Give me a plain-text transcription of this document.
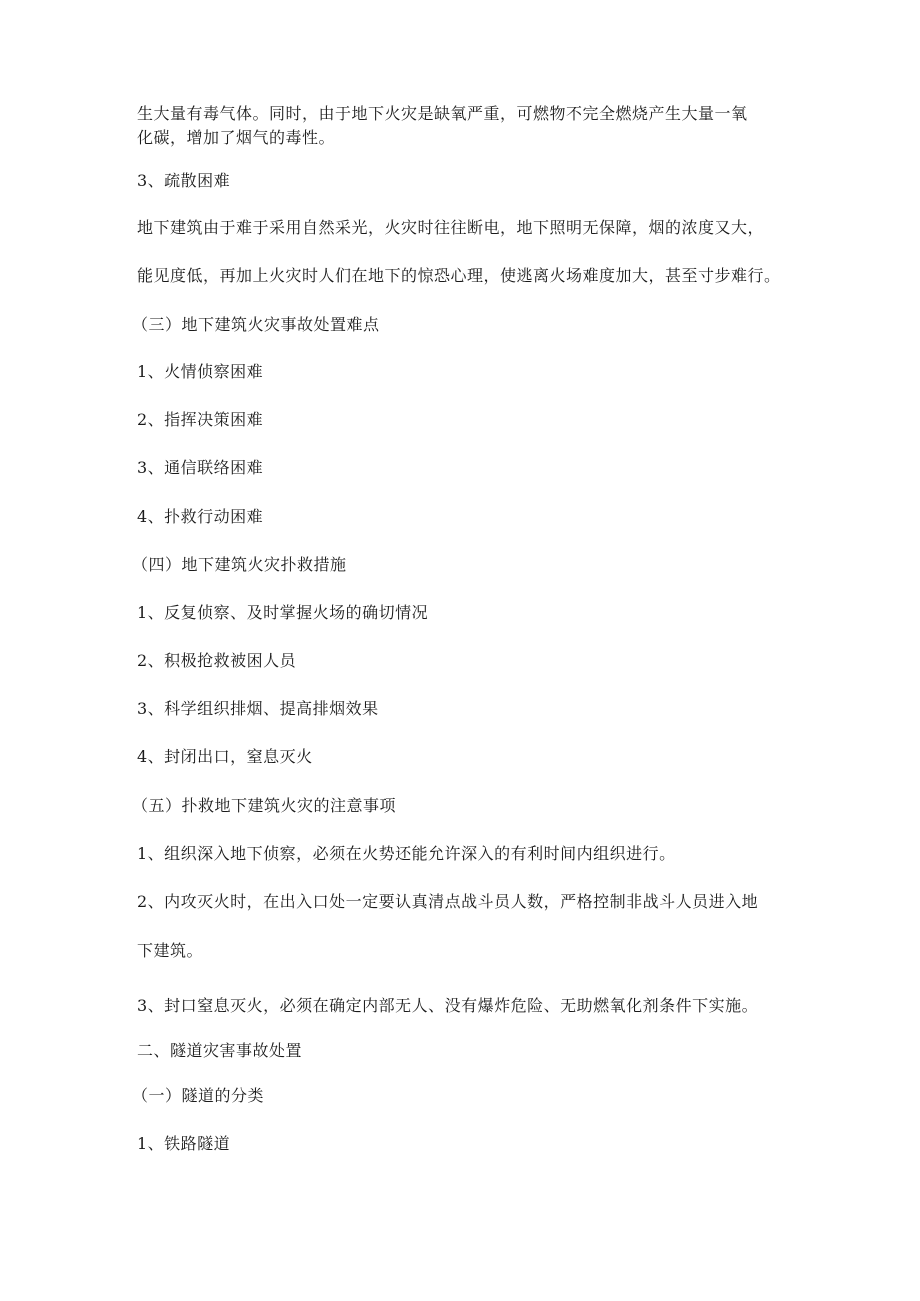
生大量有毒气体。同时，由于地下火灾是缺氧严重，可燃物不完全燃烧产生大量一氧
化碳，增加了烟气的毒性。
3、疏散困难
地下建筑由于难于采用自然采光，火灾时往往断电，地下照明无保障，烟的浓度又大，
能见度低，再加上火灾时人们在地下的惊恐心理，使逃离火场难度加大，甚至寸步难行。
（三）地下建筑火灾事故处置难点
1、火情侦察困难
2、指挥决策困难
3、通信联络困难
4、扑救行动困难
（四）地下建筑火灾扑救措施
1、反复侦察、及时掌握火场的确切情况
2、积极抢救被困人员
3、科学组织排烟、提高排烟效果
4、封闭出口，窒息灭火
（五）扑救地下建筑火灾的注意事项
1、组织深入地下侦察，必须在火势还能允许深入的有利时间内组织进行。
2、内攻灭火时，在出入口处一定要认真清点战斗员人数，严格控制非战斗人员进入地
下建筑。
3、封口窒息灭火，必须在确定内部无人、没有爆炸危险、无助燃氧化剂条件下实施。
二、隧道灾害事故处置
（一）隧道的分类
1、铁路隧道
